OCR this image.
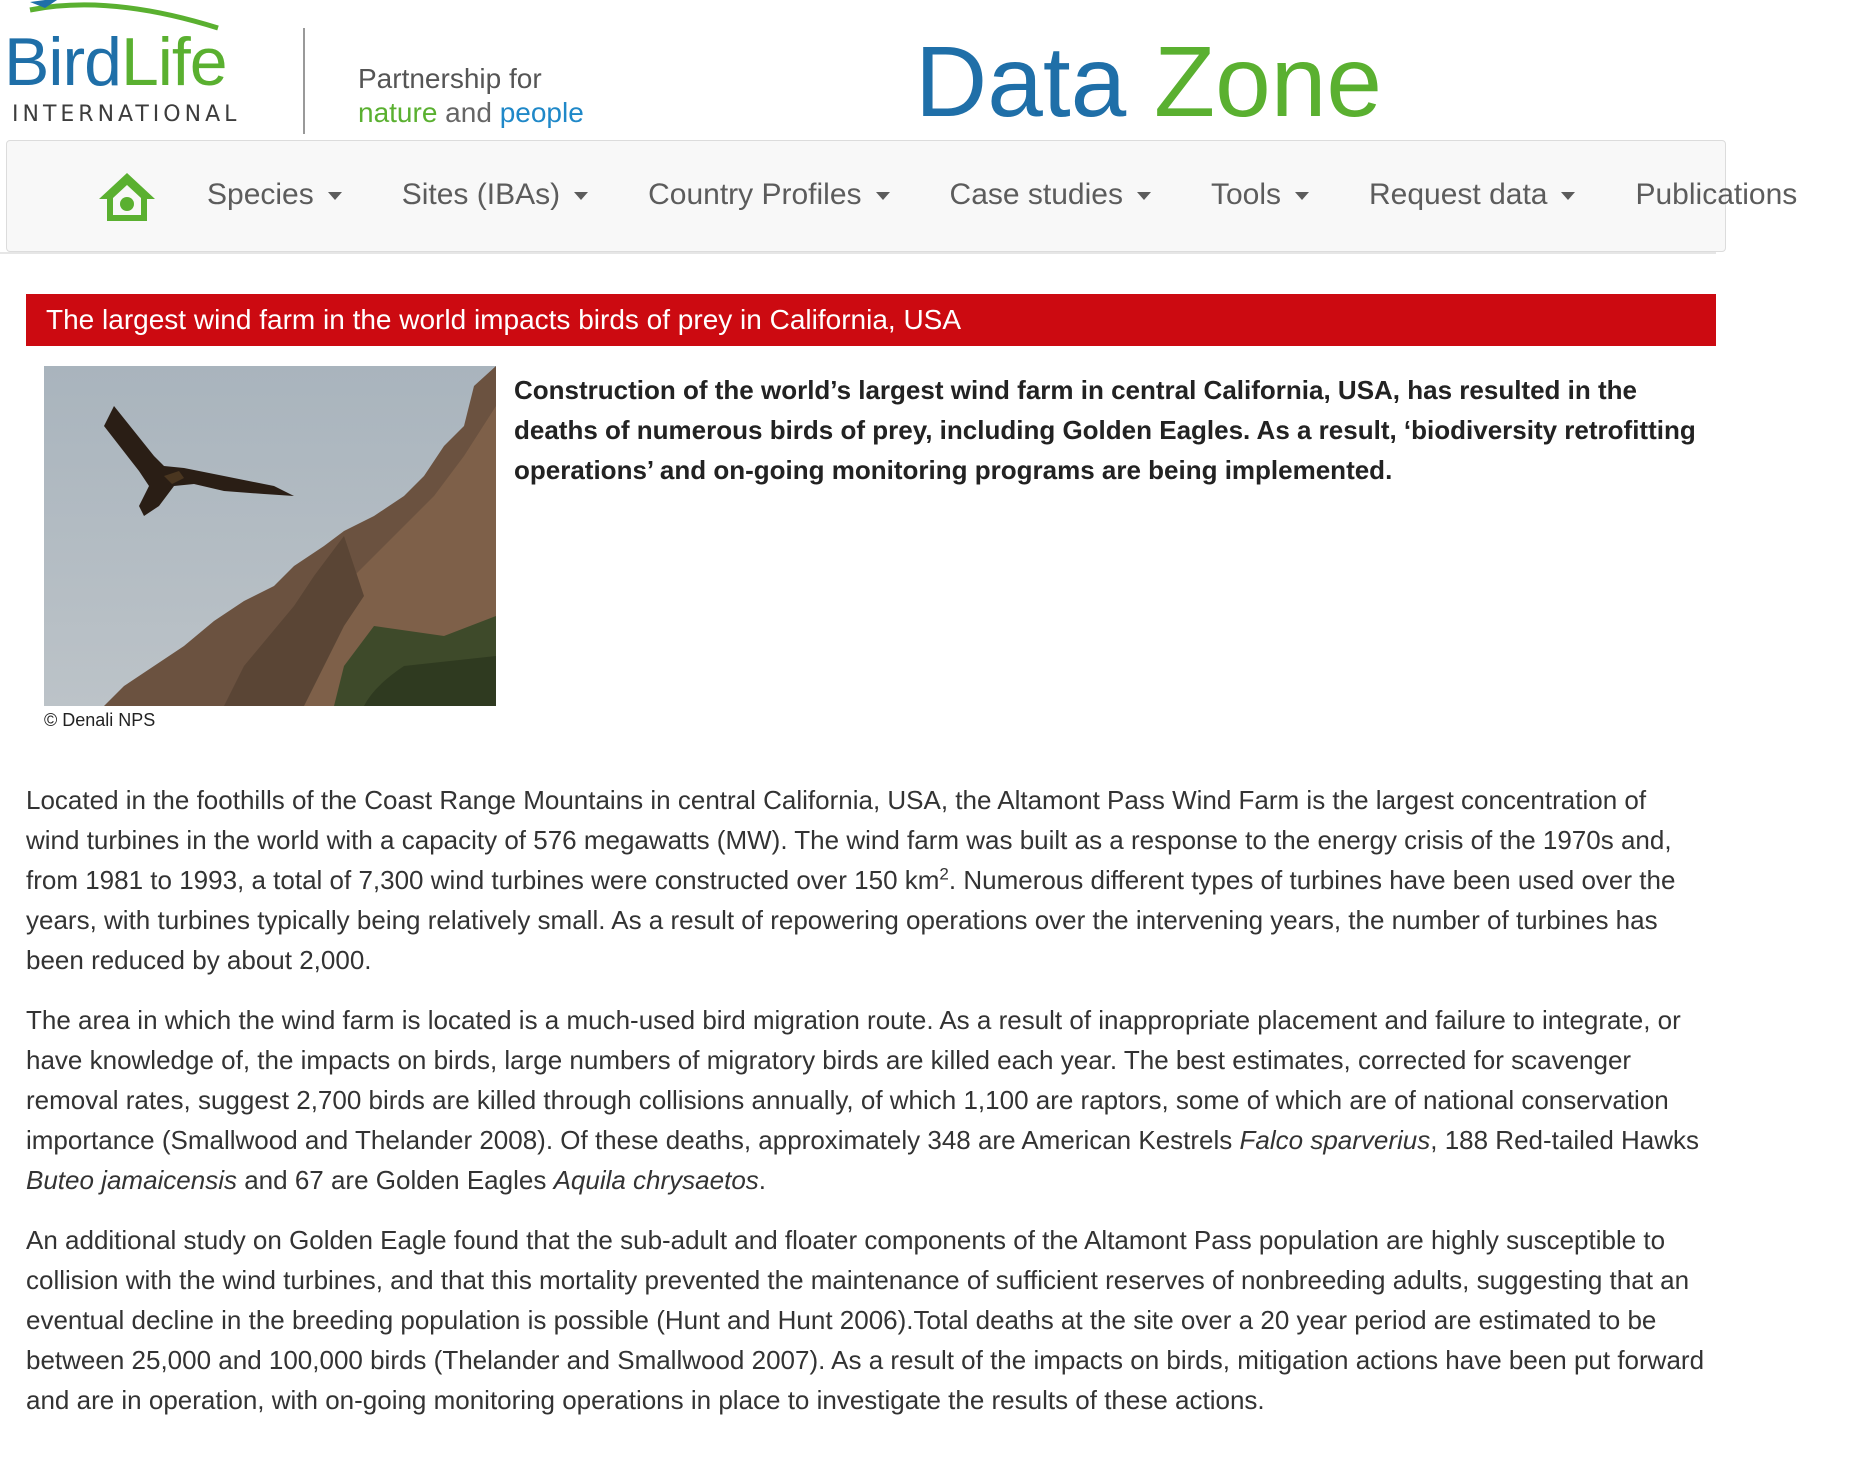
BirdLife
INTERNATIONAL
Partnership for
nature and people	Data Zone
Species	Sites (IBAs)	Country Profiles	Case studies	Tools	Request data	Publications
The largest wind farm in the world impacts birds of prey in California, USA
© Denali NPS
Construction of the world’s largest wind farm in central California, USA, has resulted in the deaths of numerous birds of prey, including Golden Eagles. As a result, ‘biodiversity retrofitting operations’ and on-going monitoring programs are being implemented.

Located in the foothills of the Coast Range Mountains in central California, USA, the Altamont Pass Wind Farm is the largest concentration of wind turbines in the world with a capacity of 576 megawatts (MW). The wind farm was built as a response to the energy crisis of the 1970s and, from 1981 to 1993, a total of 7,300 wind turbines were constructed over 150 $km^2$. Numerous different types of turbines have been used over the years, with turbines typically being relatively small. As a result of repowering operations over the intervening years, the number of turbines has been reduced by about 2,000.

The area in which the wind farm is located is a much-used bird migration route. As a result of inappropriate placement and failure to integrate, or have knowledge of, the impacts on birds, large numbers of migratory birds are killed each year. The best estimates, corrected for scavenger removal rates, suggest 2,700 birds are killed through collisions annually, of which 1,100 are raptors, some of which are of national conservation importance (Smallwood and Thelander 2008). Of these deaths, approximately 348 are American Kestrels Falco sparverius, 188 Red-tailed Hawks Buteo jamaicensis and 67 are Golden Eagles Aquila chrysaetos.

An additional study on Golden Eagle found that the sub-adult and floater components of the Altamont Pass population are highly susceptible to collision with the wind turbines, and that this mortality prevented the maintenance of sufficient reserves of nonbreeding adults, suggesting that an eventual decline in the breeding population is possible (Hunt and Hunt 2006).Total deaths at the site over a 20 year period are estimated to be between 25,000 and 100,000 birds (Thelander and Smallwood 2007). As a result of the impacts on birds, mitigation actions have been put forward and are in operation, with on-going monitoring operations in place to investigate the results of these actions.
